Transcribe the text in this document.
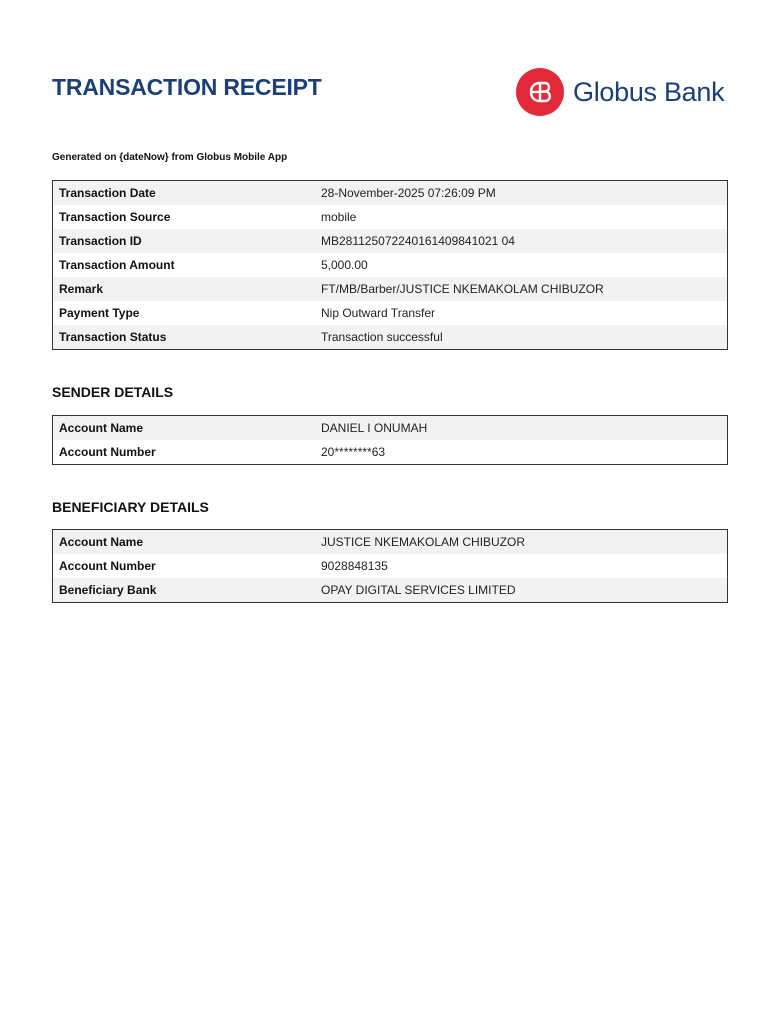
TRANSACTION RECEIPT	Globus Bank
Generated on {dateNow} from Globus Mobile App
Transaction Date	28-November-2025 07:26:09 PM
Transaction Source	mobile
Transaction ID	MB281125072240161409841021 04
Transaction Amount	5,000.00
Remark	FT/MB/Barber/JUSTICE NKEMAKOLAM CHIBUZOR
Payment Type	Nip Outward Transfer
Transaction Status	Transaction successful
SENDER DETAILS
Account Name	DANIEL I ONUMAH
Account Number	20********63
BENEFICIARY DETAILS
Account Name	JUSTICE NKEMAKOLAM CHIBUZOR
Account Number	9028848135
Beneficiary Bank	OPAY DIGITAL SERVICES LIMITED
